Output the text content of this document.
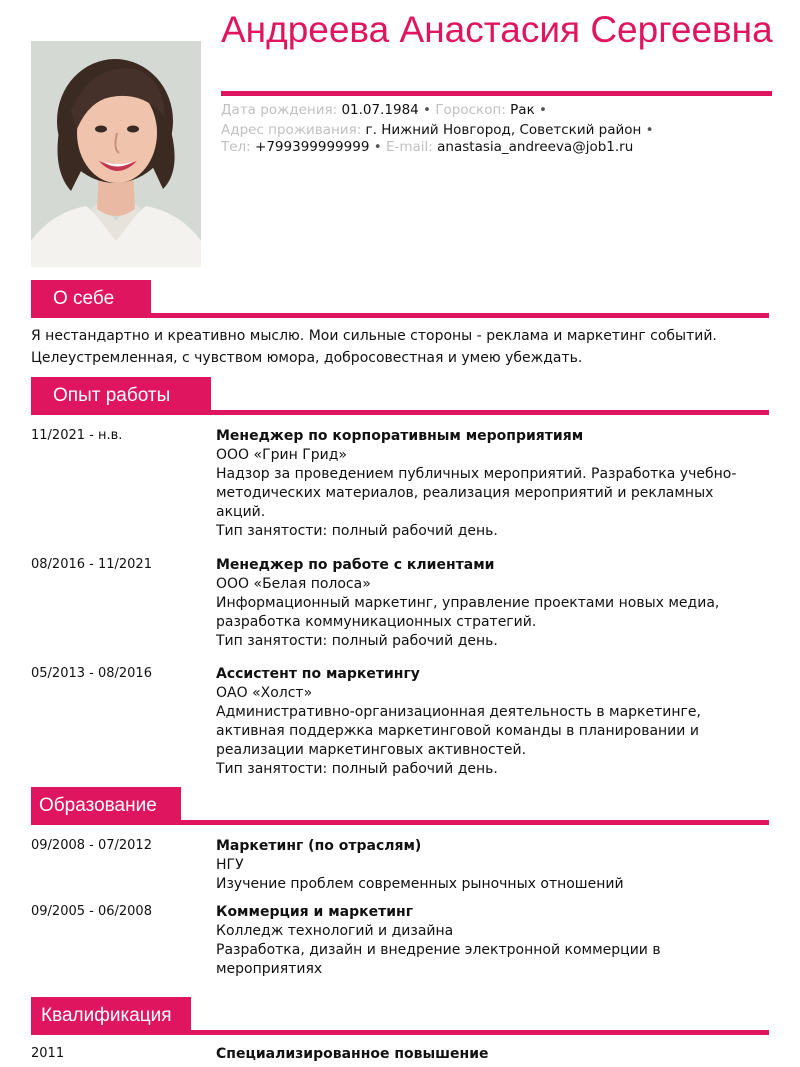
Андреева Анастасия Сергеевна
Дата рождения: 01.07.1984 • Гороскоп: Рак •
Адрес проживания: г. Нижний Новгород, Советский район •
Тел: +799399999999 • E-mail: anastasia_andreeva@job1.ru
О себе
Я нестандартно и креативно мыслю. Мои сильные стороны - реклама и маркетинг событий. Целеустремленная, с чувством юмора, добросовестная и умею убеждать.
Опыт работы
11/2021 - н.в.	Менеджер по корпоративным мероприятиям
ООО «Грин Грид»
Надзор за проведением публичных мероприятий. Разработка учебно-методических материалов, реализация мероприятий и рекламных акций.
Тип занятости: полный рабочий день.
08/2016 - 11/2021	Менеджер по работе с клиентами
ООО «Белая полоса»
Информационный маркетинг, управление проектами новых медиа, разработка коммуникационных стратегий.
Тип занятости: полный рабочий день.
05/2013 - 08/2016	Ассистент по маркетингу
ОАО «Холст»
Административно-организационная деятельность в маркетинге, активная поддержка маркетинговой команды в планировании и реализации маркетинговых активностей.
Тип занятости: полный рабочий день.
Образование
09/2008 - 07/2012	Маркетинг (по отраслям)
НГУ
Изучение проблем современных рыночных отношений
09/2005 - 06/2008	Коммерция и маркетинг
Колледж технологий и дизайна
Разработка, дизайн и внедрение электронной коммерции в мероприятиях
Квалификация
2011	Специализированное повышение
